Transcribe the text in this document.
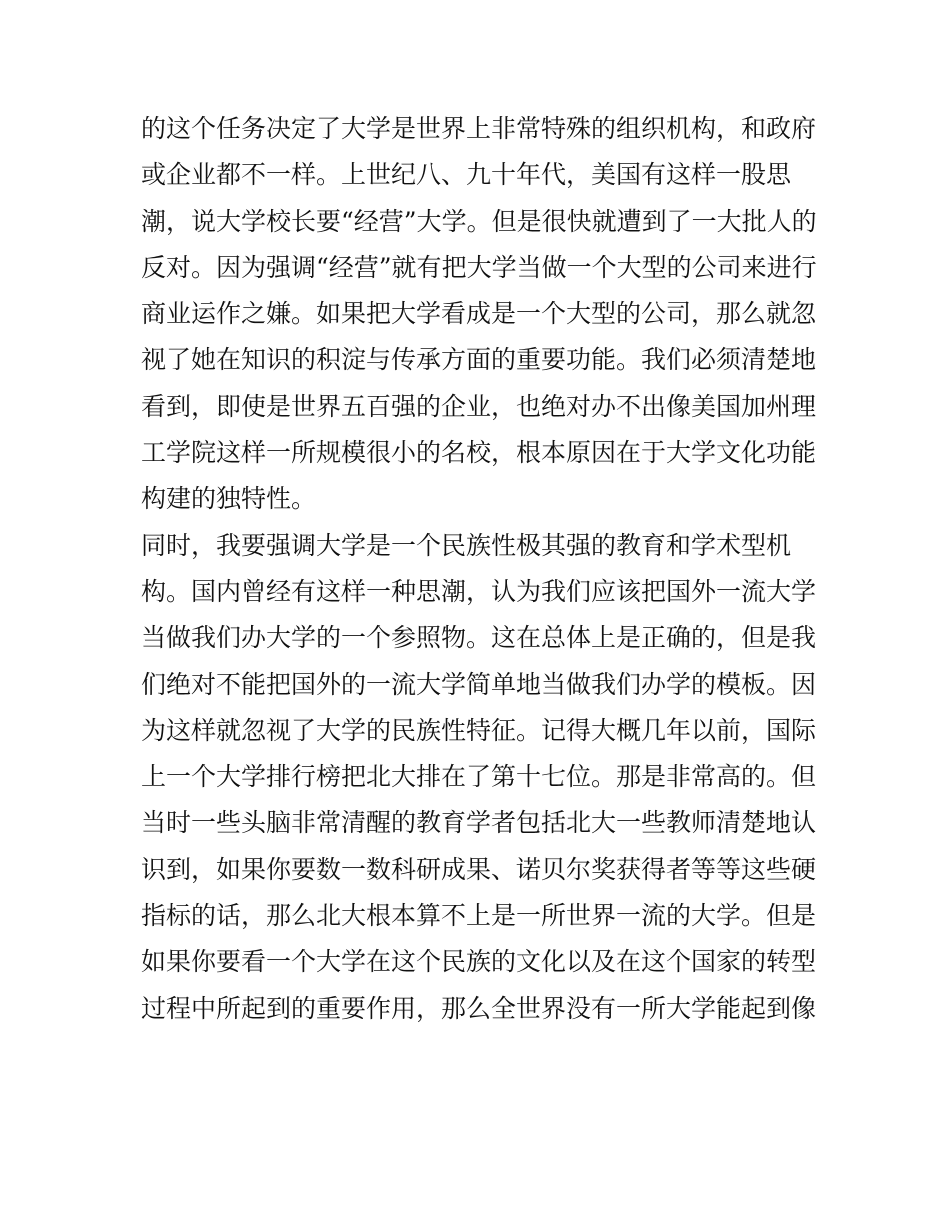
的这个任务决定了大学是世界上非常特殊的组织机构，和政府
或企业都不一样。上世纪八、九十年代，美国有这样一股思
潮，说大学校长要“经营”大学。但是很快就遭到了一大批人的
反对。因为强调“经营”就有把大学当做一个大型的公司来进行
商业运作之嫌。如果把大学看成是一个大型的公司，那么就忽
视了她在知识的积淀与传承方面的重要功能。我们必须清楚地
看到，即使是世界五百强的企业，也绝对办不出像美国加州理
工学院这样一所规模很小的名校，根本原因在于大学文化功能
构建的独特性。
同时，我要强调大学是一个民族性极其强的教育和学术型机
构。国内曾经有这样一种思潮，认为我们应该把国外一流大学
当做我们办大学的一个参照物。这在总体上是正确的，但是我
们绝对不能把国外的一流大学简单地当做我们办学的模板。因
为这样就忽视了大学的民族性特征。记得大概几年以前，国际
上一个大学排行榜把北大排在了第十七位。那是非常高的。但
当时一些头脑非常清醒的教育学者包括北大一些教师清楚地认
识到，如果你要数一数科研成果、诺贝尔奖获得者等等这些硬
指标的话，那么北大根本算不上是一所世界一流的大学。但是
如果你要看一个大学在这个民族的文化以及在这个国家的转型
过程中所起到的重要作用，那么全世界没有一所大学能起到像
